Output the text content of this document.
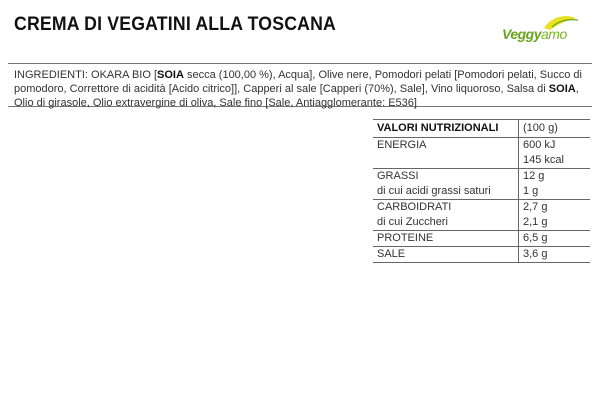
CREMA DI VEGATINI ALLA TOSCANA	Veggyamo
INGREDIENTI: OKARA BIO [SOIA secca (100,00 %), Acqua], Olive nere, Pomodori pelati [Pomodori pelati, Succo di pomodoro, Correttore di acidità [Acido citrico]], Capperi al sale [Capperi (70%), Sale], Vino liquoroso, Salsa di SOIA, Olio di girasole, Olio extravergine di oliva, Sale fino [Sale, Antiagglomerante: E536]
VALORI NUTRIZIONALI	(100 g)
ENERGIA	600 kJ
	145 kcal
GRASSI	12 g
di cui acidi grassi saturi	1 g
CARBOIDRATI	2,7 g
di cui Zuccheri	2,1 g
PROTEINE	6,5 g
SALE	3,6 g
